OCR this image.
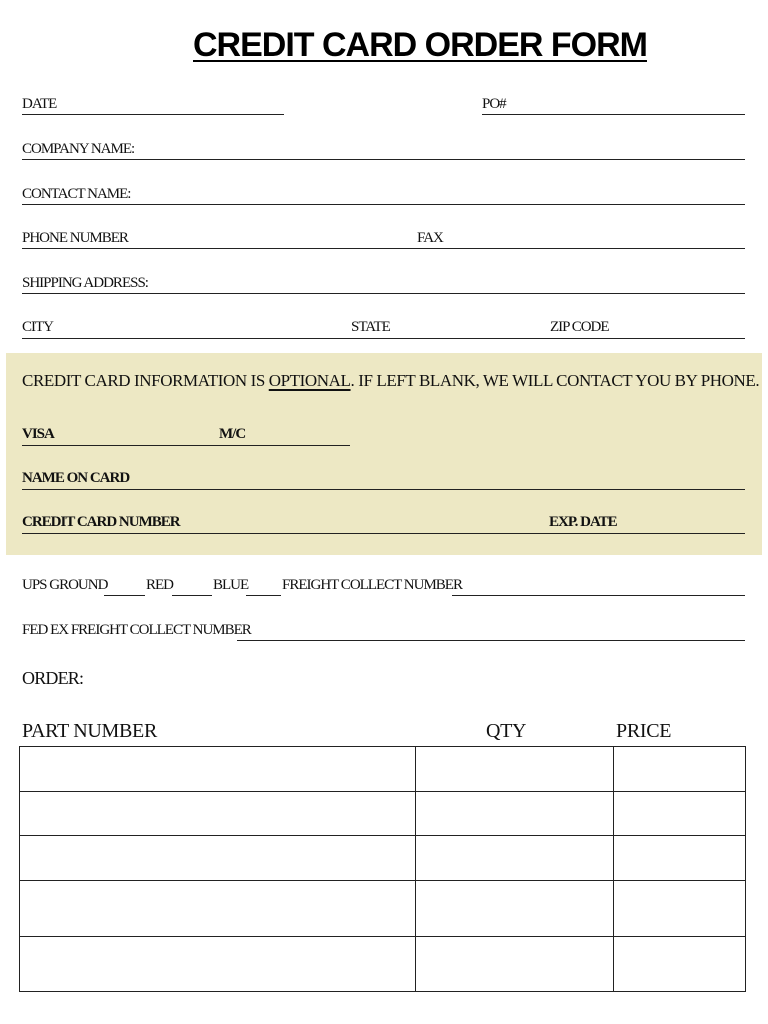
CREDIT CARD ORDER FORM
DATE	PO#
COMPANY NAME:
CONTACT NAME:
PHONE NUMBER	FAX
SHIPPING ADDRESS:
CITY	STATE	ZIP CODE
CREDIT CARD INFORMATION IS OPTIONAL. IF LEFT BLANK, WE WILL CONTACT YOU BY PHONE.
VISA	M/C
NAME ON CARD
CREDIT CARD NUMBER	EXP. DATE
UPS GROUND	RED	BLUE FREIGHT COLLECT NUMBER
FED EX FREIGHT COLLECT NUMBER
ORDER:
PART NUMBER	QTY	PRICE
